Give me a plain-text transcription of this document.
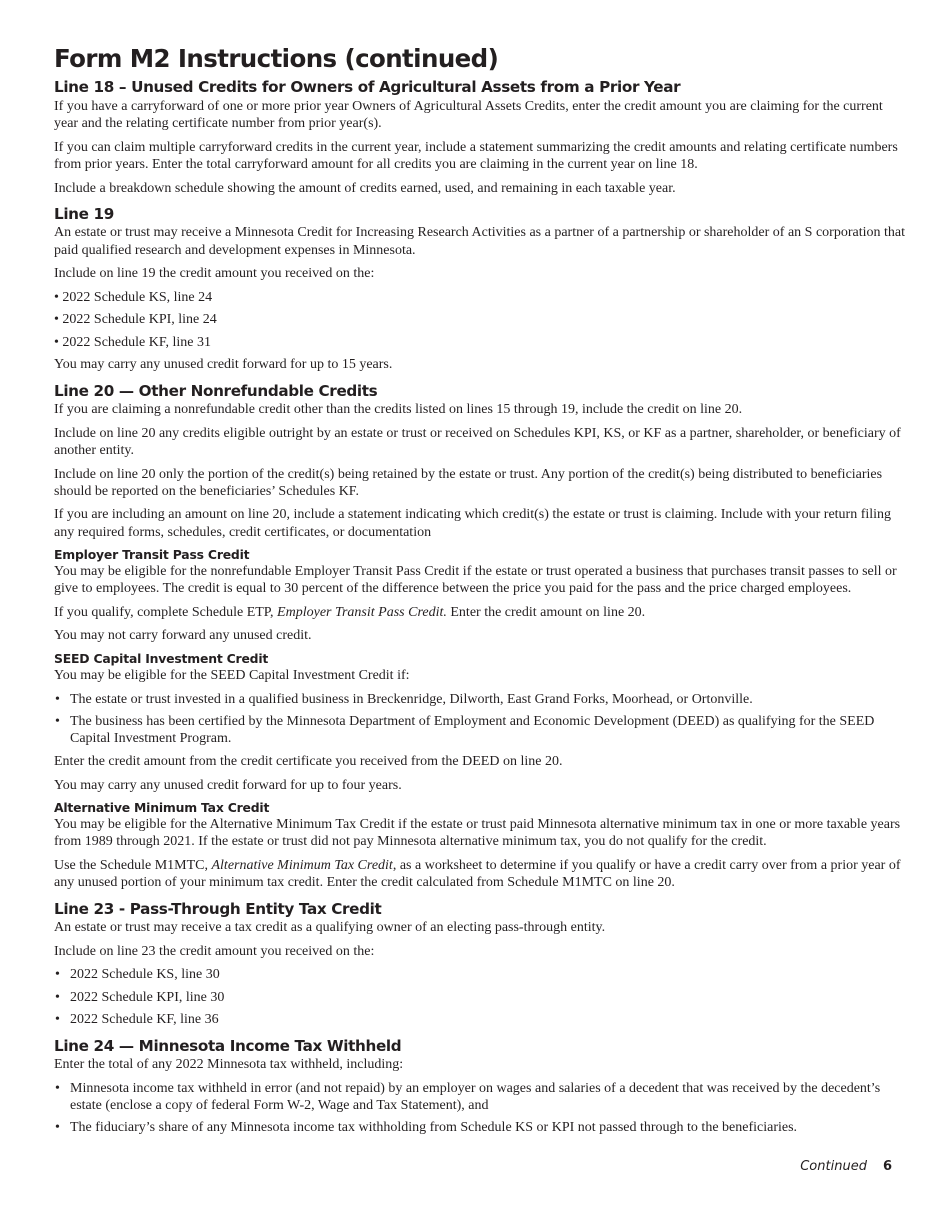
Form M2 Instructions (continued)
Line 18 – Unused Credits for Owners of Agricultural Assets from a Prior Year

If you have a carryforward of one or more prior year Owners of Agricultural Assets Credits, enter the credit amount you are claiming for the current year and the relating certificate number from prior year(s).

If you can claim multiple carryforward credits in the current year, include a statement summarizing the credit amounts and relating certificate numbers from prior years. Enter the total carryforward amount for all credits you are claiming in the current year on line 18.

Include a breakdown schedule showing the amount of credits earned, used, and remaining in each taxable year.

Line 19

An estate or trust may receive a Minnesota Credit for Increasing Research Activities as a partner of a partnership or shareholder of an S corporation that paid qualified research and development expenses in Minnesota.

Include on line 19 the credit amount you received on the:

• 2022 Schedule KS, line 24
• 2022 Schedule KPI, line 24
• 2022 Schedule KF, line 31

You may carry any unused credit forward for up to 15 years.

Line 20 — Other Nonrefundable Credits

If you are claiming a nonrefundable credit other than the credits listed on lines 15 through 19, include the credit on line 20.

Include on line 20 any credits eligible outright by an estate or trust or received on Schedules KPI, KS, or KF as a partner, shareholder, or beneficiary of another entity.

Include on line 20 only the portion of the credit(s) being retained by the estate or trust. Any portion of the credit(s) being distributed to beneficiaries should be reported on the beneficiaries’ Schedules KF.

If you are including an amount on line 20, include a statement indicating which credit(s) the estate or trust is claiming. Include with your return filing any required forms, schedules, credit certificates, or documentation

Employer Transit Pass Credit

You may be eligible for the nonrefundable Employer Transit Pass Credit if the estate or trust operated a business that purchases transit passes to sell or give to employees. The credit is equal to 30 percent of the difference between the price you paid for the pass and the price charged employees.

If you qualify, complete Schedule ETP, Employer Transit Pass Credit. Enter the credit amount on line 20.

You may not carry forward any unused credit.

SEED Capital Investment Credit

You may be eligible for the SEED Capital Investment Credit if:

• The estate or trust invested in a qualified business in Breckenridge, Dilworth, East Grand Forks, Moorhead, or Ortonville.
• The business has been certified by the Minnesota Department of Employment and Economic Development (DEED) as qualifying for the SEED Capital Investment Program.

Enter the credit amount from the credit certificate you received from the DEED on line 20.

You may carry any unused credit forward for up to four years.

Alternative Minimum Tax Credit

You may be eligible for the Alternative Minimum Tax Credit if the estate or trust paid Minnesota alternative minimum tax in one or more taxable years from 1989 through 2021. If the estate or trust did not pay Minnesota alternative minimum tax, you do not qualify for the credit.

Use the Schedule M1MTC, Alternative Minimum Tax Credit, as a worksheet to determine if you qualify or have a credit carry over from a prior year of any unused portion of your minimum tax credit. Enter the credit calculated from Schedule M1MTC on line 20.

Line 23 - Pass-Through Entity Tax Credit

An estate or trust may receive a tax credit as a qualifying owner of an electing pass-through entity.

Include on line 23 the credit amount you received on the:

• 2022 Schedule KS, line 30
• 2022 Schedule KPI, line 30
• 2022 Schedule KF, line 36
Line 24 — Minnesota Income Tax Withheld

Enter the total of any 2022 Minnesota tax withheld, including:

• Minnesota income tax withheld in error (and not repaid) by an employer on wages and salaries of a decedent that was received by the decedent’s estate (enclose a copy of federal Form W-2, Wage and Tax Statement), and
• The fiduciary’s share of any Minnesota income tax withholding from Schedule KS or KPI not passed through to the beneficiaries.
Continued 6
